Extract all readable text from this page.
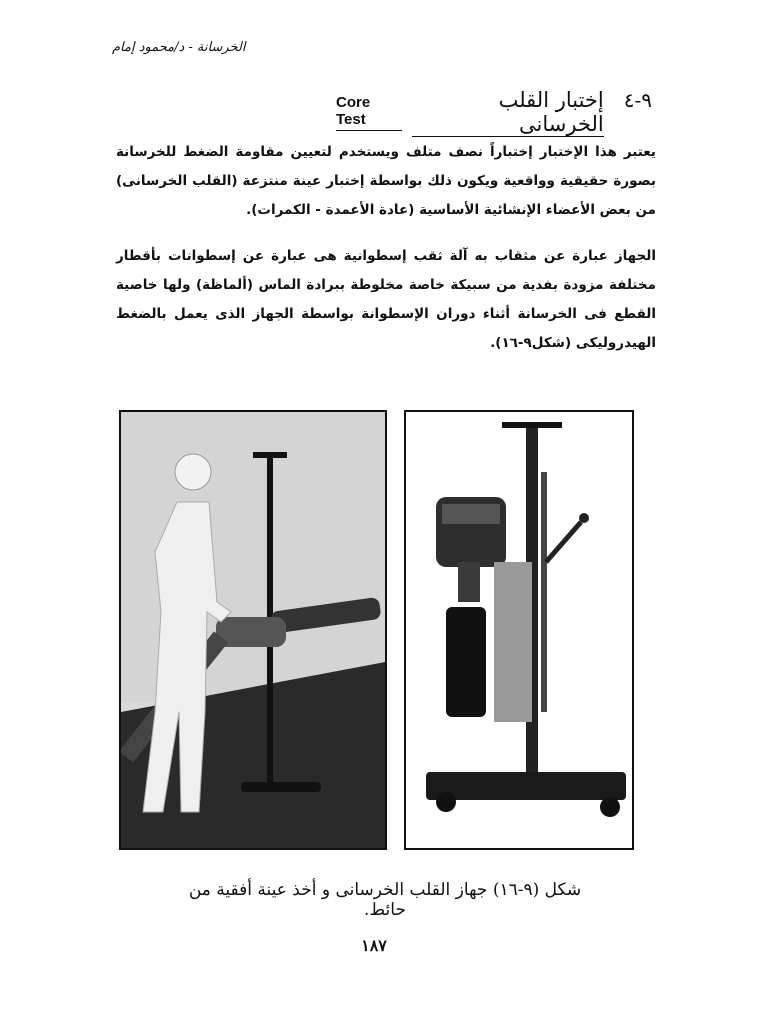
الخرسانة - د/محمود إمام
٩-٤
إختبار القلب الخرسانى
Core Test

يعتبر هذا الإختبار إختباراً نصف متلف ويستخدم لتعيين مقاومة الضغط للخرسانة بصورة حقيقية وواقعية ويكون ذلك بواسطة إختبار عينة منتزعة (القلب الخرسانى) من بعض الأعضاء الإنشائية الأساسية (عادة الأعمدة - الكمرات).

الجهاز عبارة عن مثقاب به آلة ثقب إسطوانية هى عبارة عن إسطوانات بأقطار مختلفة مزودة بفدية من سبيكة خاصة مخلوطة ببرادة الماس (ألماظة) ولها خاصية القطع فى الخرسانة أثناء دوران الإسطوانة بواسطة الجهاز الذى يعمل بالضغط الهيدروليكى (شكل٩-١٦).

شكل (٩-١٦) جهاز القلب الخرسانى و أخذ عينة أفقية من حائط.
١٨٧
